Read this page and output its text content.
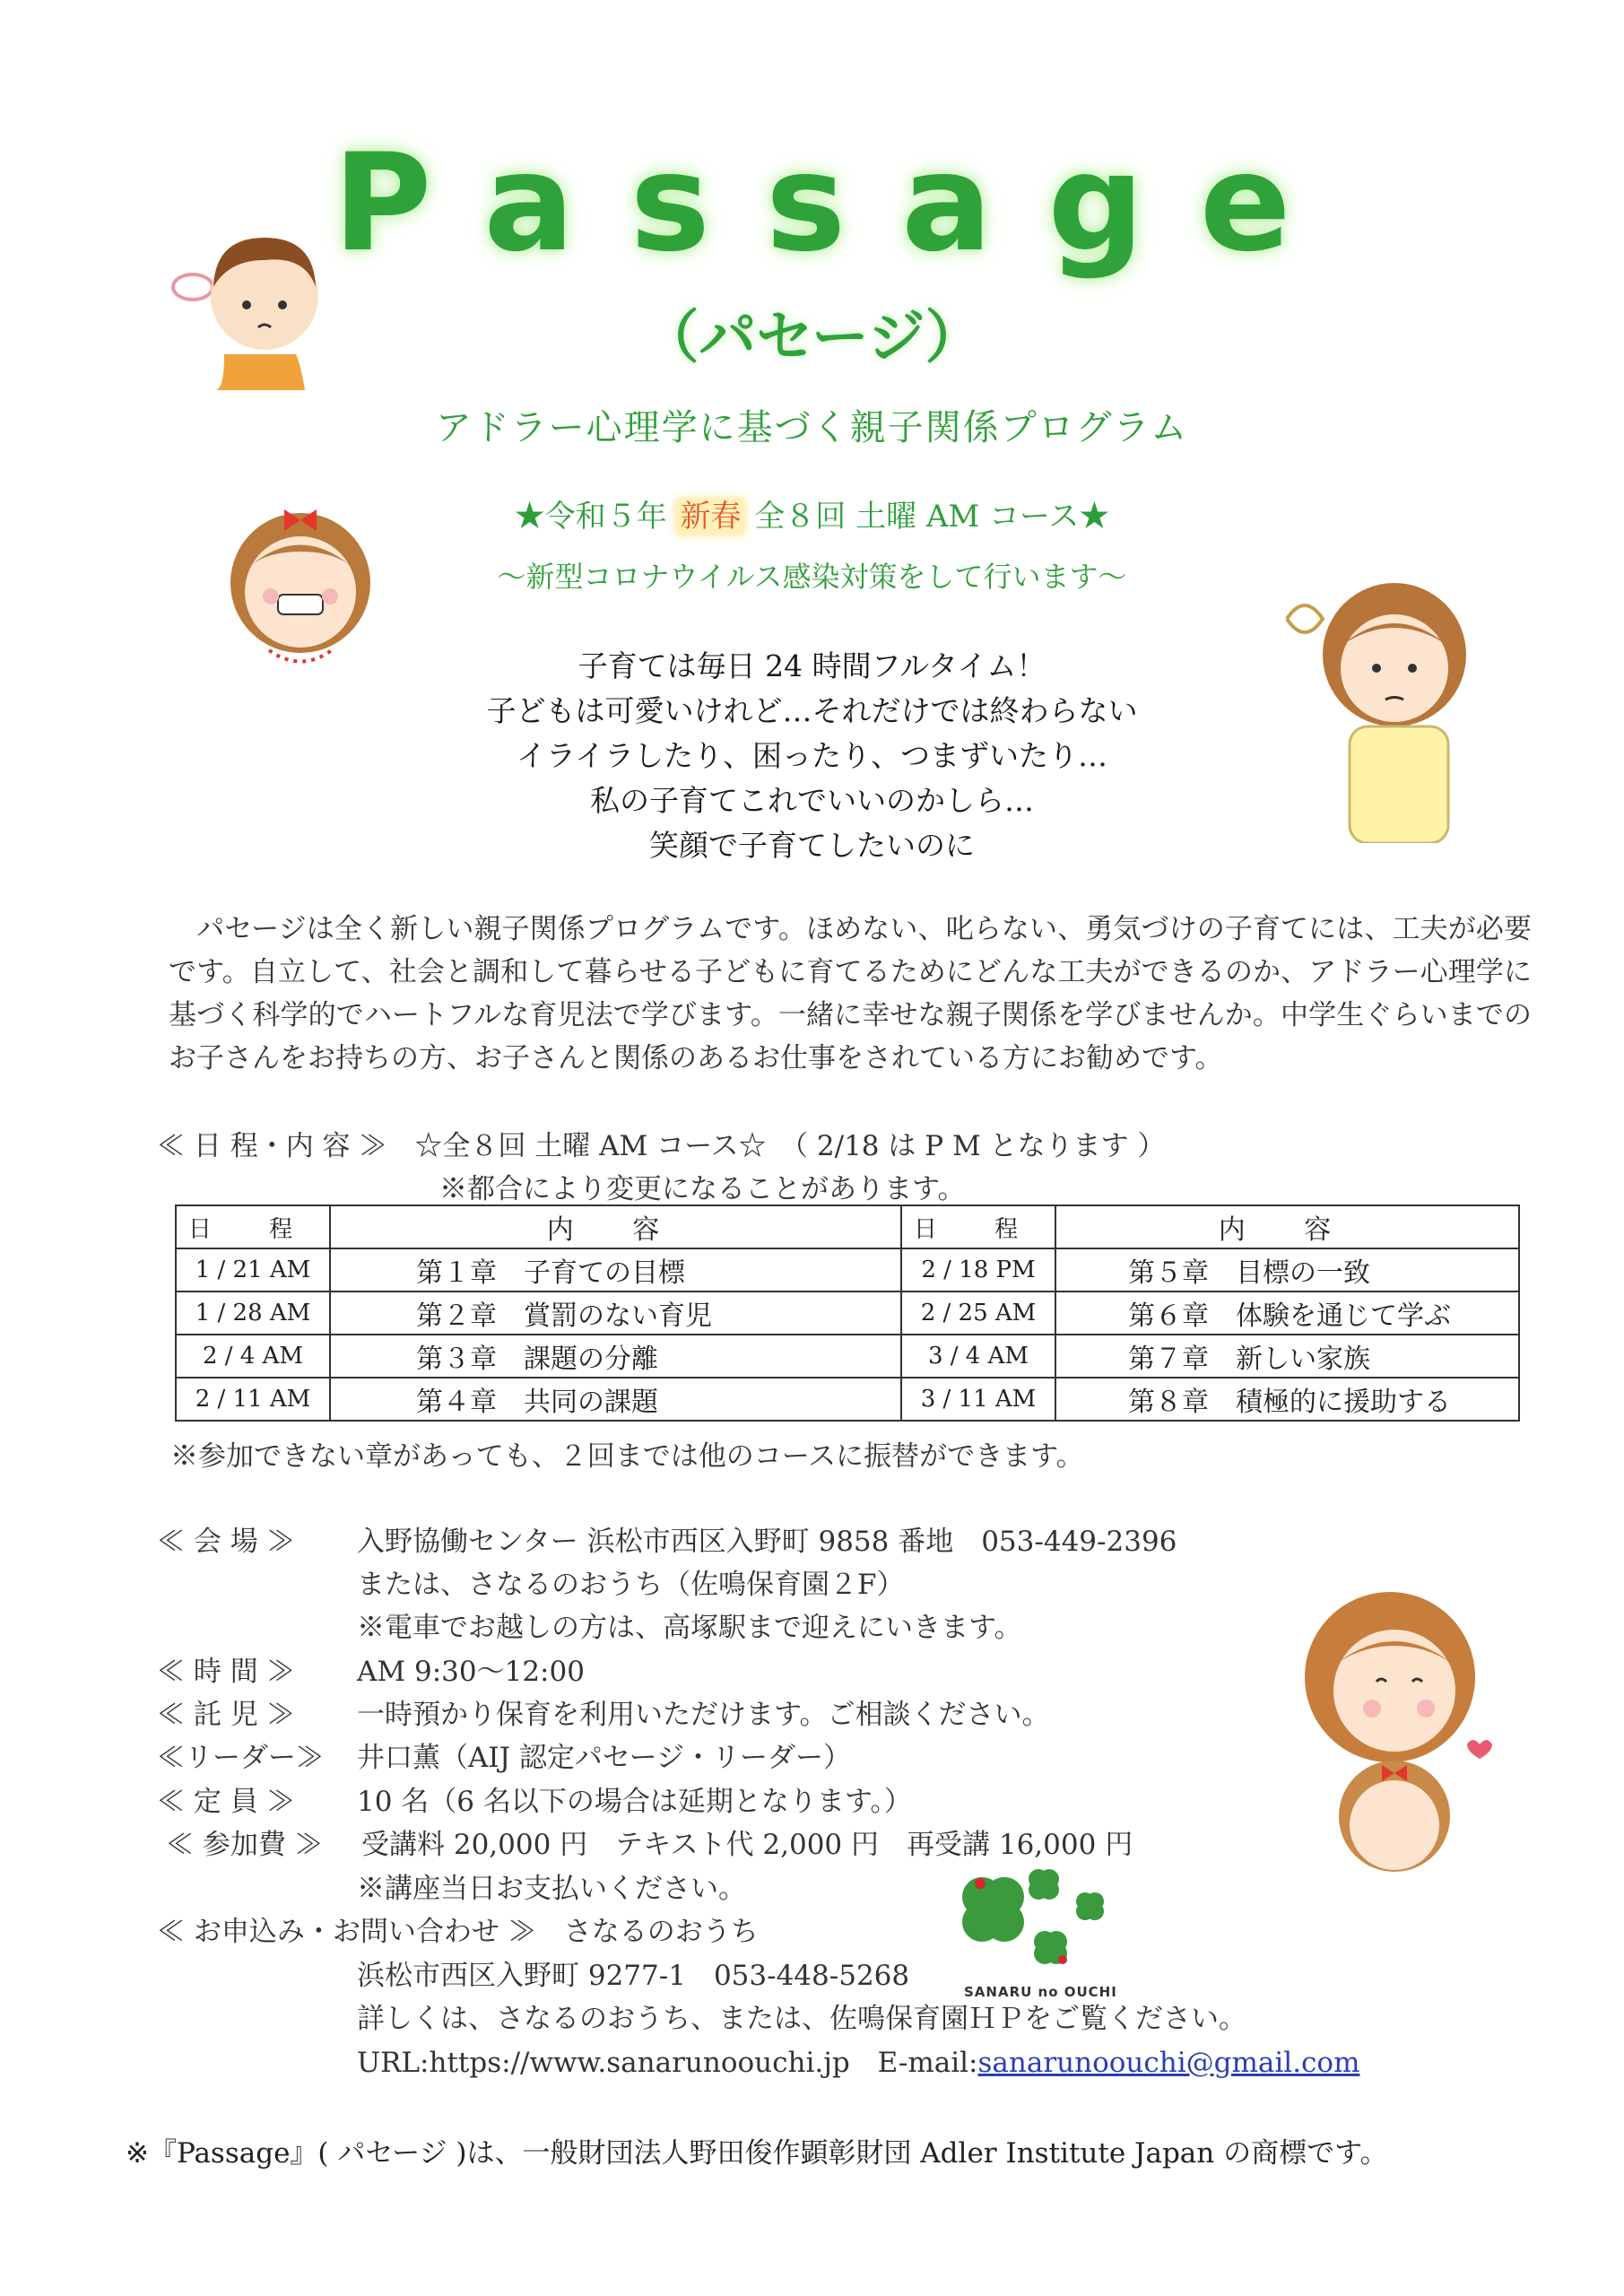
Passage
（パセージ）
アドラー心理学に基づく親子関係プログラム
★令和５年 新春 全８回 土曜 AM コース★
〜新型コロナウイルス感染対策をして行います〜
子育ては毎日 24 時間フルタイム！
子どもは可愛いけれど…それだけでは終わらない
イライラしたり、困ったり、つまずいたり…
私の子育てこれでいいのかしら…
笑顔で子育てしたいのに
　パセージは全く新しい親子関係プログラムです。ほめない、叱らない、勇気づけの子育てには、工夫が必要です。自立して、社会と調和して暮らせる子どもに育てるためにどんな工夫ができるのか、アドラー心理学に基づく科学的でハートフルな育児法で学びます。一緒に幸せな親子関係を学びませんか。中学生ぐらいまでのお子さんをお持ちの方、お子さんと関係のあるお仕事をされている方にお勧めです。
≪ 日 程・内 容 ≫　☆全８回 土曜 AM コース☆　（ 2/18 は P M となります ）
※都合により変更になることがあります。
日 程	内 容	日 程	内 容
1 / 21 AM	第１章　子育ての目標	2 / 18 PM	第５章　目標の一致
1 / 28 AM	第２章　賞罰のない育児	2 / 25 AM	第６章　体験を通じて学ぶ
2 / 4 AM	第３章　課題の分離	3 / 4 AM	第７章　新しい家族
2 / 11 AM	第４章　共同の課題	3 / 11 AM	第８章　積極的に援助する
※参加できない章があっても、２回までは他のコースに振替ができます。
≪ 会 場 ≫ 入野協働センター 浜松市西区入野町 9858 番地　053-449-2396
または、さなるのおうち（佐鳴保育園２F）
※電車でお越しの方は、高塚駅まで迎えにいきます。
≪ 時 間 ≫ AM 9:30〜12:00
≪ 託 児 ≫ 一時預かり保育を利用いただけます。ご相談ください。
≪リーダー≫ 井口薫（AIJ 認定パセージ・リーダー）
≪ 定 員 ≫ 10 名（6 名以下の場合は延期となります。）
≪ 参加費 ≫ 受講料 20,000 円　テキスト代 2,000 円　再受講 16,000 円
※講座当日お支払いください。
≪ お申込み・お問い合わせ ≫　さなるのおうち
浜松市西区入野町 9277-1　053-448-5268
詳しくは、さなるのおうち、または、佐鳴保育園ＨＰをご覧ください。
URL:https://www.sanarunoouchi.jp　E-mail:sanarunoouchi@gmail.com
SANARU no OUCHI
※『Passage』( パセージ )は、一般財団法人野田俊作顕彰財団 Adler Institute Japan の商標です。
